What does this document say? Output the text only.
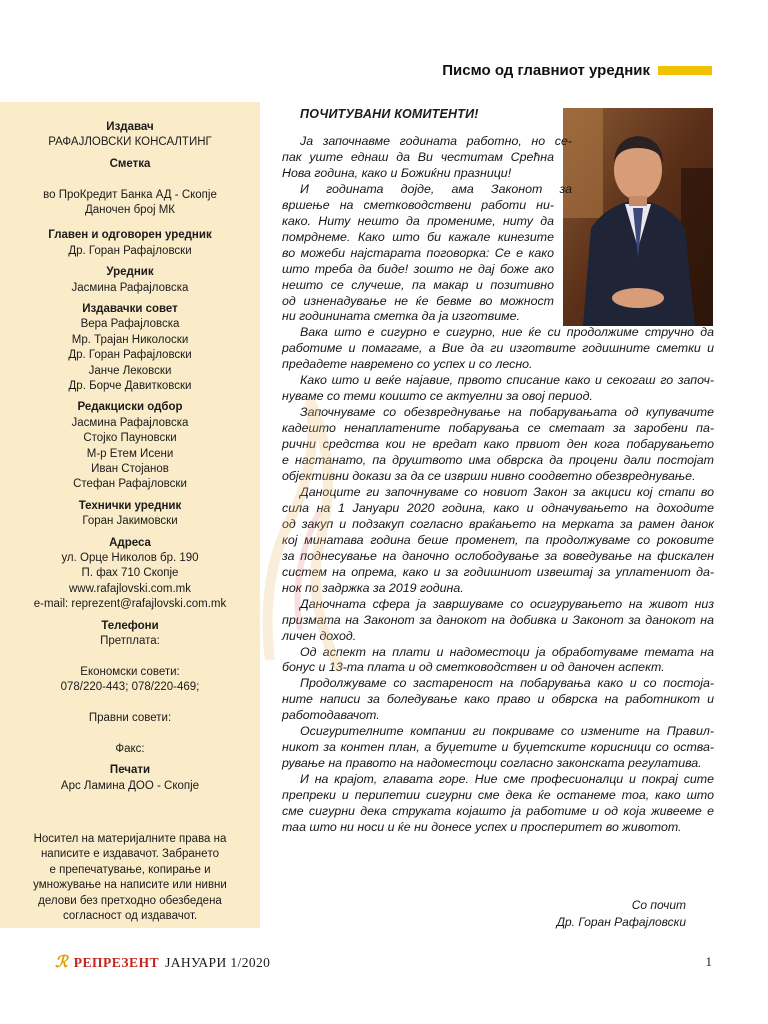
Писмо од главниот уредник
Издавач
РАФАЈЛОВСКИ КОНСАЛТИНГ
Сметка
во ПроКредит Банка АД - Скопје
Даночен број МК
Главен и одговорен уредник
Др. Горан Рафајловски
Уредник
Јасмина Рафајловска
Издавачки совет
Вера Рафајловска
Мр. Трајан Николоски
Др. Горан Рафајловски
Јанче Лековски
Др. Борче Давитковски
Редакциски одбор
Јасмина Рафајловска
Стојко Пауновски
М-р Етем Исени
Иван Стојанов
Стефан Рафајловски
Технички уредник
Горан Јакимовски
Адреса
ул. Орце Николов бр. 190
П. фах 710 Скопје
www.rafajlovski.com.mk
e-mail: reprezent@rafajlovski.com.mk
Телефони
Претплата:
Економски совети:
078/220-443; 078/220-469;
Правни совети:
Факс:
Печати
Арс Ламина ДОО - Скопје
Носител на материјалните права на
написите е издавачот. Забранeто
е препечатување, копирање и
умножување на написите или нивни
делови без претходно обезбедена
согласност од издавачот.
ПОЧИТУВАНИ КОМИТЕНТИ!
Ја започнавме годината работно, но се-
пак уште еднаш да Ви честитам Срећна
Нова година, како и Божиќни празници!
И годината дојде, ама Законот за
вршење на сметководствени работи ни-
како. Ниту нешто да промениме, ниту да
помрднеме. Како што би кажале кинезите
во можеби најстарата поговорка: Се е како
што треба да биде! зошто не дај боже ако
нешто се случеше, па макар и позитивно
од изненадување не ќе бевме во можност
ни годинината сметка да ја изготвиме.
Вака што е сигурно е сигурно, ние ќе си продолжиме стручно да
работиме и помагаме, а Вие да ги изготвите годишните сметки и
предадете навремено со успех и со лесно.
Како што и веќе најавие, првото списание како и секогаш го започ-
нуваме со теми коишто се актуелни за овој период.
Започнуваме со обезвреднување на побарувањата од купувачите
кадешто ненаплатените побарувања се сметаат за заробени па-
рични средства кои не вредат како првиот ден кога побарувањето
е настанато, па друштвото има обврска да процени дали постојат
објективни докази за да се изврши нивно соодветно обезвреднување.
Даноците ги започнуваме со новиот Закон за акциси кој стапи во
сила на 1 Јануари 2020 година, како и одначувањето на доходите
од закуп и подзакуп согласно враќањето на мерката за рамен данок
кој минатава година беше променет, па продолжуваме со роковите
за поднесување на даночно ослободување за воведување на фискален
систем на опрема, како и за годишниот извештај за уплатениот да-
нок по задржка за 2019 година.
Даночната сфера ја завршуваме со осигурувањето на живот низ
призмата на Законот за данокот на добивка и Законот за данокот на
личен доход.
Од аспект на плати и надоместоци ја обработуваме темата на
бонус и 13-та плата и од сметководствен и од даночен аспект.
Продолжуваме со застареност на побарувања како и со постоја-
ните написи за боледување како право и обврска на работникот и
работодавачот.
Осигурителните компании ги покриваме со измените на Правил-
никот за контен план, а буџетите и буџетските корисници со оства-
рување на правото на надоместоци согласно законската регулатива.
И на крајот, главата горе. Ние сме професионалци и покрај сите
препреки и перипетии сигурни сме дека ќе останеме тоа, како што
сме сигурни дека струката којашто ја работиме и од која живееме е
таа што ни носи и ќе ни донесе успех и просперитет во животот.
Со почит
Др. Горан Рафајловски
ℛ РЕПРЕЗЕНТ ЈАНУАРИ 1/2020	1
